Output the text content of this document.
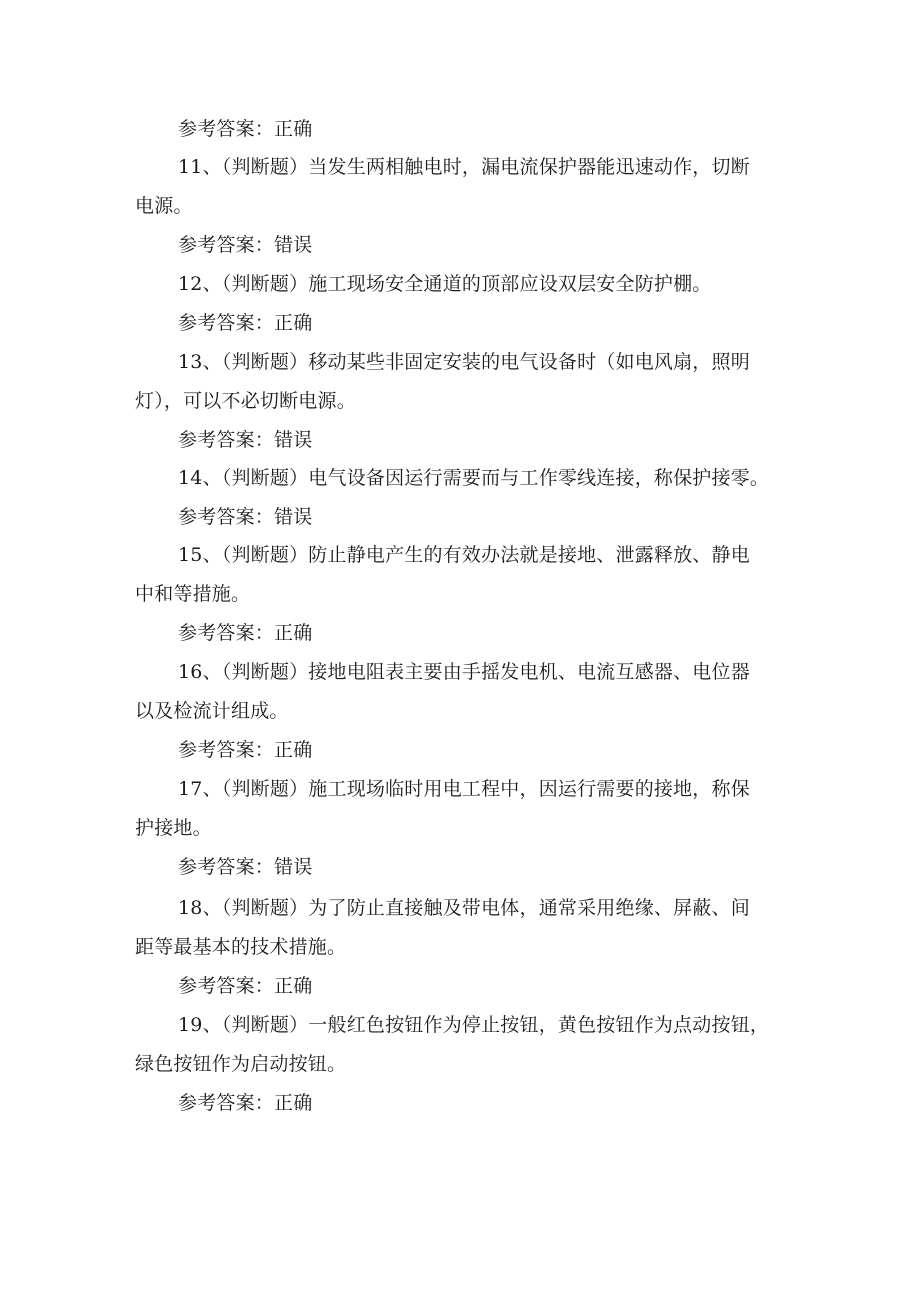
参考答案：正确
11、（判断题）当发生两相触电时，漏电流保护器能迅速动作，切断
电源。
参考答案：错误
12、（判断题）施工现场安全通道的顶部应设双层安全防护棚。
参考答案：正确
13、（判断题）移动某些非固定安装的电气设备时（如电风扇，照明
灯），可以不必切断电源。
参考答案：错误
14、（判断题）电气设备因运行需要而与工作零线连接，称保护接零。
参考答案：错误
15、（判断题）防止静电产生的有效办法就是接地、泄露释放、静电
中和等措施。
参考答案：正确
16、（判断题）接地电阻表主要由手摇发电机、电流互感器、电位器
以及检流计组成。
参考答案：正确
17、（判断题）施工现场临时用电工程中，因运行需要的接地，称保
护接地。
参考答案：错误
18、（判断题）为了防止直接触及带电体，通常采用绝缘、屏蔽、间
距等最基本的技术措施。
参考答案：正确
19、（判断题）一般红色按钮作为停止按钮，黄色按钮作为点动按钮，
绿色按钮作为启动按钮。
参考答案：正确
